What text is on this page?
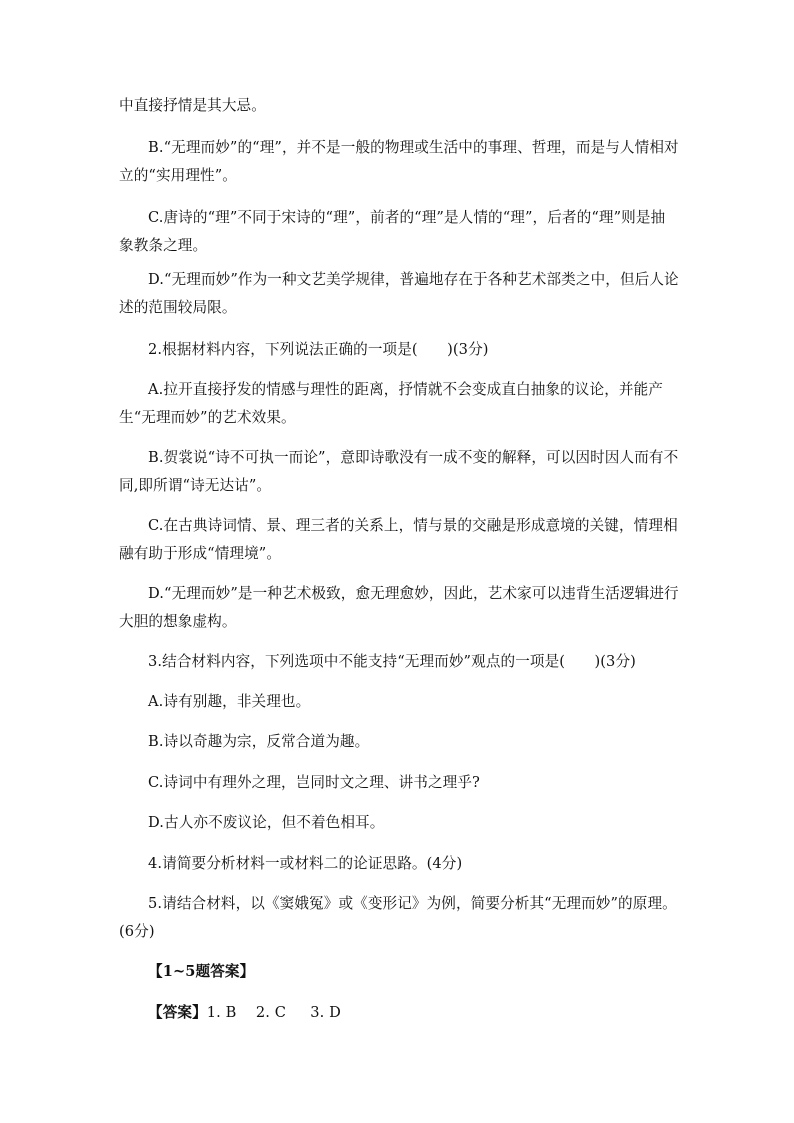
中直接抒情是其大忌。
B.“无理而妙”的“理”，并不是一般的物理或生活中的事理、哲理，而是与人情相对立的“实用理性”。
C.唐诗的“理”不同于宋诗的“理”，前者的“理”是人情的“理”，后者的“理”则是抽象教条之理。
D.“无理而妙”作为一种文艺美学规律，普遍地存在于各种艺术部类之中，但后人论述的范围较局限。
2.根据材料内容，下列说法正确的一项是(　　)(3分)
A.拉开直接抒发的情感与理性的距离，抒情就不会变成直白抽象的议论，并能产生“无理而妙”的艺术效果。
B.贺裳说“诗不可执一而论”，意即诗歌没有一成不变的解释，可以因时因人而有不同,即所谓“诗无达诂”。
C.在古典诗词情、景、理三者的关系上，情与景的交融是形成意境的关键，情理相融有助于形成“情理境”。
D.“无理而妙”是一种艺术极致，愈无理愈妙，因此，艺术家可以违背生活逻辑进行大胆的想象虚构。
3.结合材料内容，下列选项中不能支持“无理而妙”观点的一项是(　　)(3分)
A.诗有别趣，非关理也。
B.诗以奇趣为宗，反常合道为趣。
C.诗词中有理外之理，岂同时文之理、讲书之理乎?
D.古人亦不废议论，但不着色相耳。
4.请简要分析材料一或材料二的论证思路。(4分)
5.请结合材料，以《窦娥冤》或《变形记》为例，简要分析其“无理而妙”的原理。(6分)
【1~5题答案】
【答案】1. B　 2. C　  3. D
